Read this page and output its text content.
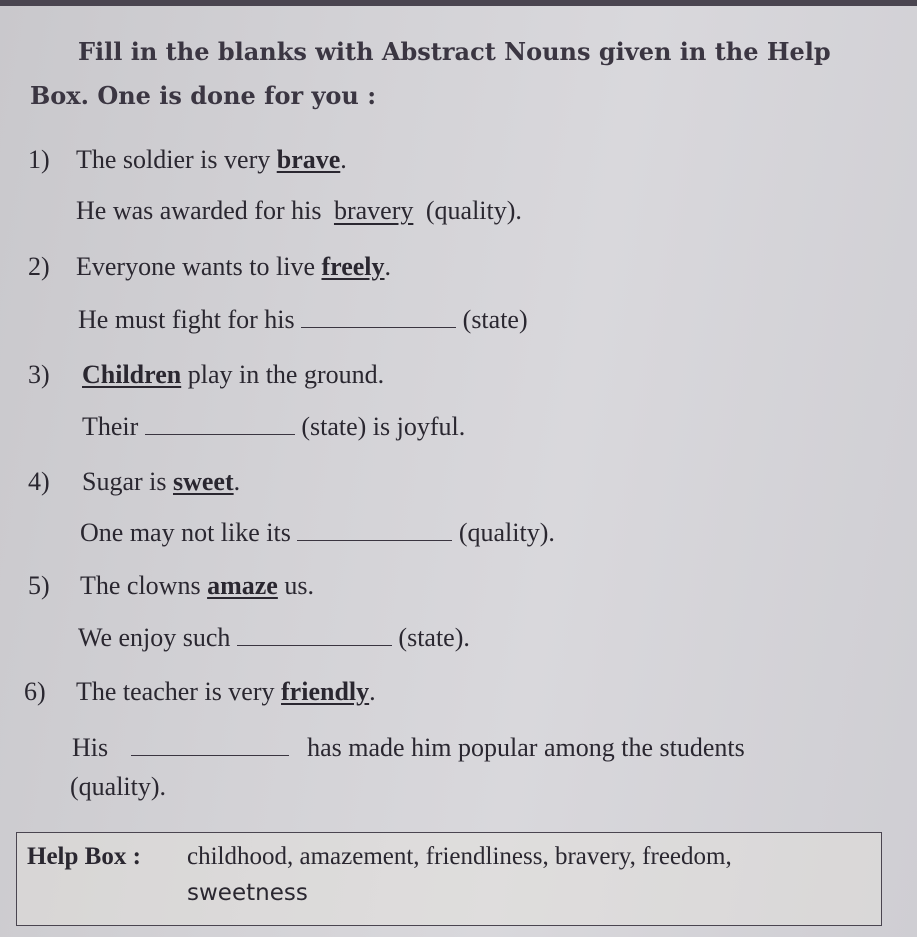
Fill in the blanks with Abstract Nouns given in the Help
Box. One is done for you :
1) The soldier is very brave.
He was awarded for his bravery (quality).
2) Everyone wants to live freely.
He must fight for his	(state)
3) Children play in the ground.
Their	(state) is joyful.
4) Sugar is sweet.
One may not like its	(quality).
5) The clowns amaze us.
We enjoy such	(state).
6) The teacher is very friendly.
His	has made him popular among the students
(quality).
Help Box : childhood, amazement, friendliness, bravery, freedom,
sweetness
